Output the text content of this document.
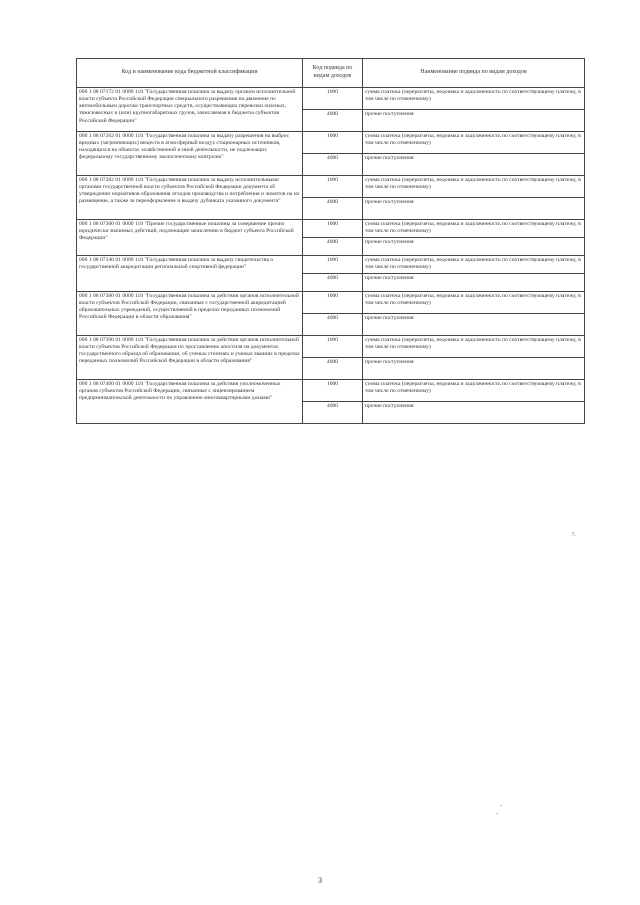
Код и наименование кода бюджетной классификации	Код подвида по видам доходов	Наименование подвида по видам доходов
000 1 08 07172 01 0000 110 "Государственная пошлина за выдачу органом исполнительной власти субъекта Российской Федерации специального разрешения на движение по автомобильным дорогам транспортных средств, осуществляющих перевозки опасных, тяжеловесных и (или) крупногабаритных грузов, зачисляемая в бюджеты субъектов Российской Федерации"	1000	сумма платежа (перерасчеты, недоимка и задолженность по соответствующему платежу, в том числе по отмененному)
	4000	прочие поступления
000 1 08 07262 01 0000 110 "Государственная пошлина за выдачу разрешения на выброс вредных (загрязняющих) веществ в атмосферный воздух стационарных источников, находящихся на объектах хозяйственной и иной деятельности, не подлежащих федеральному государственному экологическому контролю"	1000	сумма платежа (перерасчеты, недоимка и задолженность по соответствующему платежу, в том числе по отмененному)
	4000	прочие поступления
000 1 08 07282 01 0000 110 "Государственная пошлина за выдачу исполнительными органами государственной власти субъектов Российской Федерации документа об утверждении нормативов образования отходов производства и потребления и лимитов на их размещение, а также за переоформление и выдачу дубликата указанного документа"	1000	сумма платежа (перерасчеты, недоимка и задолженность по соответствующему платежу, в том числе по отмененному)
	4000	прочие поступления
000 1 08 07300 01 0000 110 "Прочие государственные пошлины за совершение прочих юридически значимых действий, подлежащие зачислению в бюджет субъекта Российской Федерации"	1000	сумма платежа (перерасчеты, недоимка и задолженность по соответствующему платежу, в том числе по отмененному)
	4000	прочие поступления
000 1 08 07340 01 0000 110 "Государственная пошлина за выдачу свидетельства о государственной аккредитации региональной спортивной федерации"	1000	сумма платежа (перерасчеты, недоимка и задолженность по соответствующему платежу, в том числе по отмененному)
	4000	прочие поступления
000 1 08 07380 01 0000 110 "Государственная пошлина за действия органов исполнительной власти субъектов Российской Федерации, связанные с государственной аккредитацией образовательных учреждений, осуществляемой в пределах переданных полномочий Российской Федерации в области образования"	1000	сумма платежа (перерасчеты, недоимка и задолженность по соответствующему платежу, в том числе по отмененному)
	4000	прочие поступления
000 1 08 07390 01 0000 110 "Государственная пошлина за действия органов исполнительной власти субъектов Российской Федерации по проставлению апостиля на документах государственного образца об образовании, об ученых степенях и ученых званиях в пределах переданных полномочий Российской Федерации в области образования"	1000	сумма платежа (перерасчеты, недоимка и задолженность по соответствующему платежу, в том числе по отмененному)
	4000	прочие поступления
000 1 08 07400 01 0000 110 "Государственная пошлина за действия уполномоченных органов субъектов Российской Федерации, связанные с лицензированием предпринимательской деятельности по управлению многоквартирными домами"	1000	сумма платежа (перерасчеты, недоимка и задолженность по соответствующему платежу, в том числе по отмененному)
	4000	прочие поступления
7.
3
